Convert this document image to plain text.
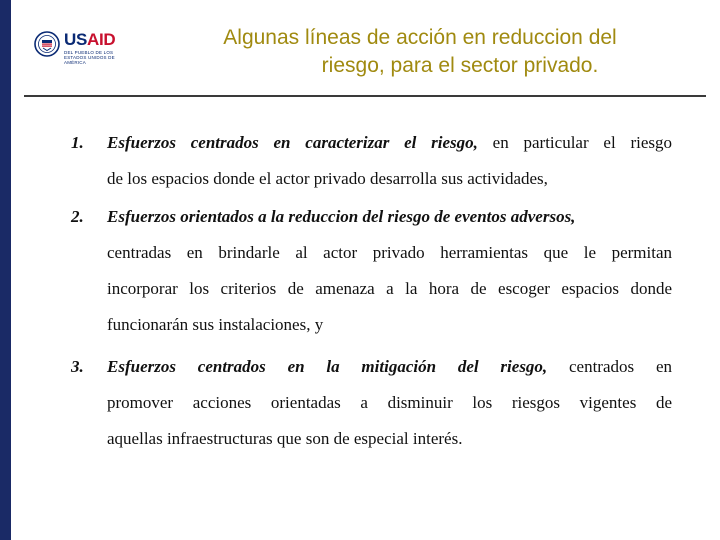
USAID
DEL PUEBLO DE LOS ESTADOS UNIDOS DE AMÉRICA
Algunas líneas de acción en reduccion del
riesgo, para el sector privado.
1. Esfuerzos centrados en caracterizar el riesgo, en particular el riesgo
de los espacios donde el actor privado desarrolla sus actividades,
2. Esfuerzos orientados a la reduccion del riesgo de eventos adversos,
centradas en brindarle al actor privado herramientas que le permitan
incorporar los criterios de amenaza a la hora de escoger espacios donde
funcionarán sus instalaciones, y
3. Esfuerzos centrados en la mitigación del riesgo, centrados en
promover acciones orientadas a disminuir los riesgos vigentes de
aquellas infraestructuras que son de especial interés.
